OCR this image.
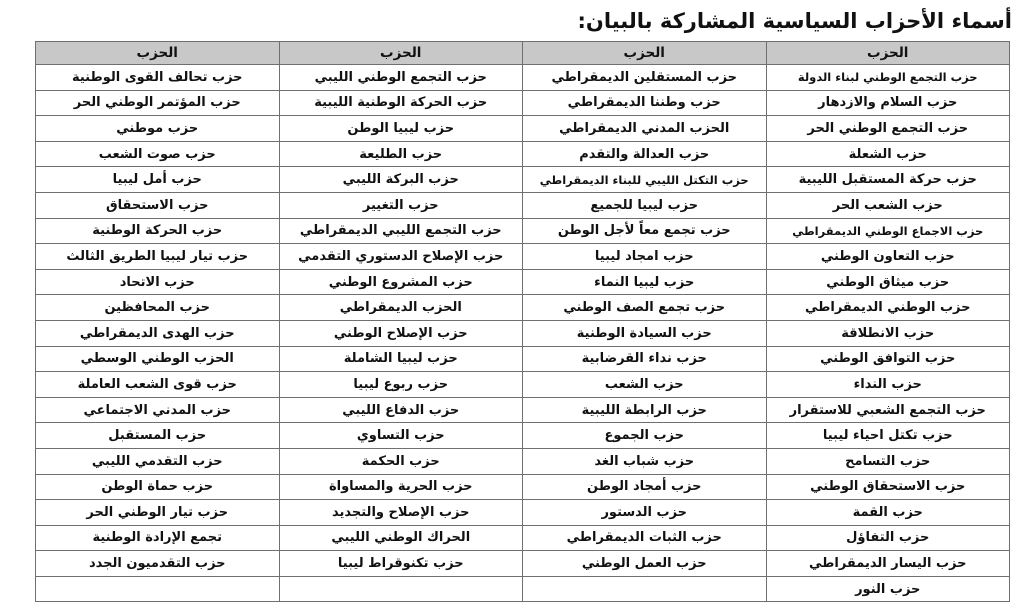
أسماء الأحزاب السياسية المشاركة بالبيان:
الحزب	الحزب	الحزب	الحزب
حزب التجمع الوطني لبناء الدولة	حزب المستقلين الديمقراطي	حزب التجمع الوطني الليبي	حزب تحالف القوى الوطنية
حزب السلام والازدهار	حزب وطننا الديمقراطي	حزب الحركة الوطنية الليبية	حزب المؤتمر الوطني الحر
حزب التجمع الوطني الحر	الحزب المدني الديمقراطي	حزب ليبيا الوطن	حزب موطني
حزب الشعلة	حزب العدالة والتقدم	حزب الطليعة	حزب صوت الشعب
حزب حركة المستقبل الليبية	حزب التكتل الليبي للبناء الديمقراطي	حزب البركة الليبي	حزب أمل ليبيا
حزب الشعب الحر	حزب ليبيا للجميع	حزب التغيير	حزب الاستحقاق
حزب الاجماع الوطني الديمقراطي	حزب تجمع معاً لأجل الوطن	حزب التجمع الليبي الديمقراطي	حزب الحركة الوطنية
حزب التعاون الوطني	حزب امجاد ليبيا	حزب الإصلاح الدستوري التقدمي	حزب تيار ليبيا الطريق الثالث
حزب ميثاق الوطني	حزب ليبيا النماء	حزب المشروع الوطني	حزب الاتحاد
حزب الوطني الديمقراطي	حزب تجمع الصف الوطني	الحزب الديمقراطي	حزب المحافظين
حزب الانطلاقة	حزب السيادة الوطنية	حزب الإصلاح الوطني	حزب الهدى الديمقراطي
حزب التوافق الوطني	حزب نداء القرضابية	حزب ليبيا الشاملة	الحزب الوطني الوسطي
حزب النداء	حزب الشعب	حزب ربوع ليبيا	حزب قوى الشعب العاملة
حزب التجمع الشعبي للاستقرار	حزب الرابطة الليبية	حزب الدفاع الليبي	حزب المدني الاجتماعي
حزب تكتل احياء ليبيا	حزب الجموع	حزب التساوي	حزب المستقبل
حزب التسامح	حزب شباب الغد	حزب الحكمة	حزب التقدمي الليبي
حزب الاستحقاق الوطني	حزب أمجاد الوطن	حزب الحرية والمساواة	حزب حماة الوطن
حزب القمة	حزب الدستور	حزب الإصلاح والتجديد	حزب تيار الوطني الحر
حزب التفاؤل	حزب الثبات الديمقراطي	الحراك الوطني الليبي	تجمع الإرادة الوطنية
حزب اليسار الديمقراطي	حزب العمل الوطني	حزب تكنوقراط ليبيا	حزب التقدميون الجدد
حزب النور			
